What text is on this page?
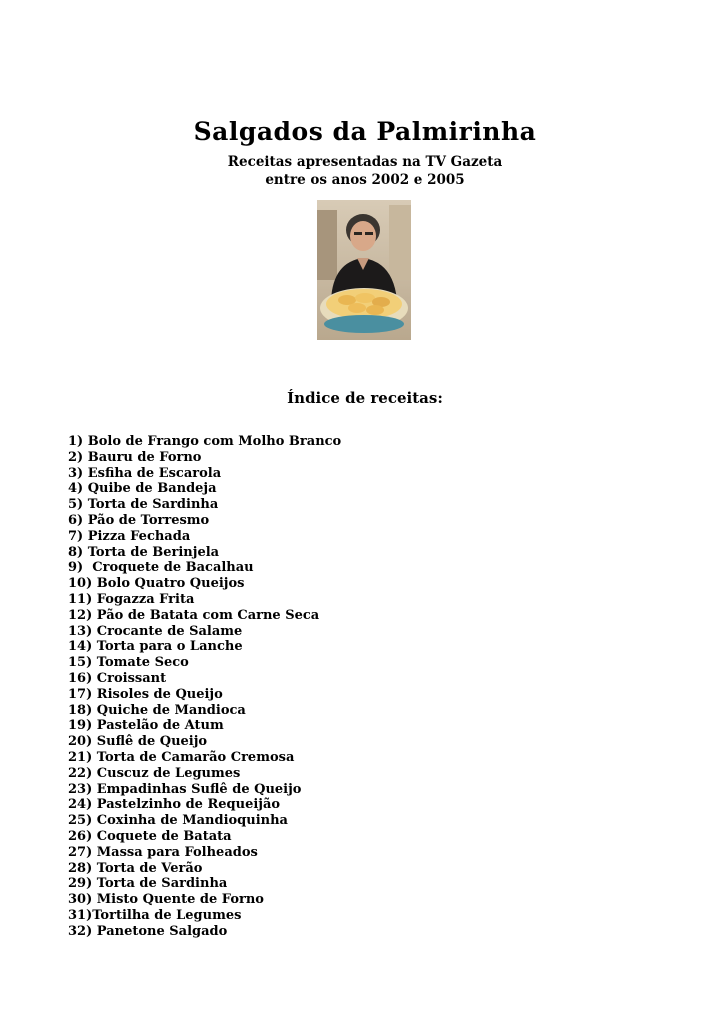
Salgados da Palmirinha
Receitas apresentadas na TV Gazeta
entre os anos 2002 e 2005
Índice de receitas:
1) Bolo de Frango com Molho Branco
2) Bauru de Forno
3) Esfiha de Escarola
4) Quibe de Bandeja
5) Torta de Sardinha
6) Pão de Torresmo
7) Pizza Fechada
8) Torta de Berinjela
9)  Croquete de Bacalhau
10) Bolo Quatro Queijos
11) Fogazza Frita
12) Pão de Batata com Carne Seca
13) Crocante de Salame
14) Torta para o Lanche
15) Tomate Seco
16) Croissant
17) Risoles de Queijo
18) Quiche de Mandioca
19) Pastelão de Atum
20) Suflê de Queijo
21) Torta de Camarão Cremosa
22) Cuscuz de Legumes
23) Empadinhas Suflê de Queijo
24) Pastelzinho de Requeijão
25) Coxinha de Mandioquinha
26) Coquete de Batata
27) Massa para Folheados
28) Torta de Verão
29) Torta de Sardinha
30) Misto Quente de Forno
31)Tortilha de Legumes
32) Panetone Salgado
